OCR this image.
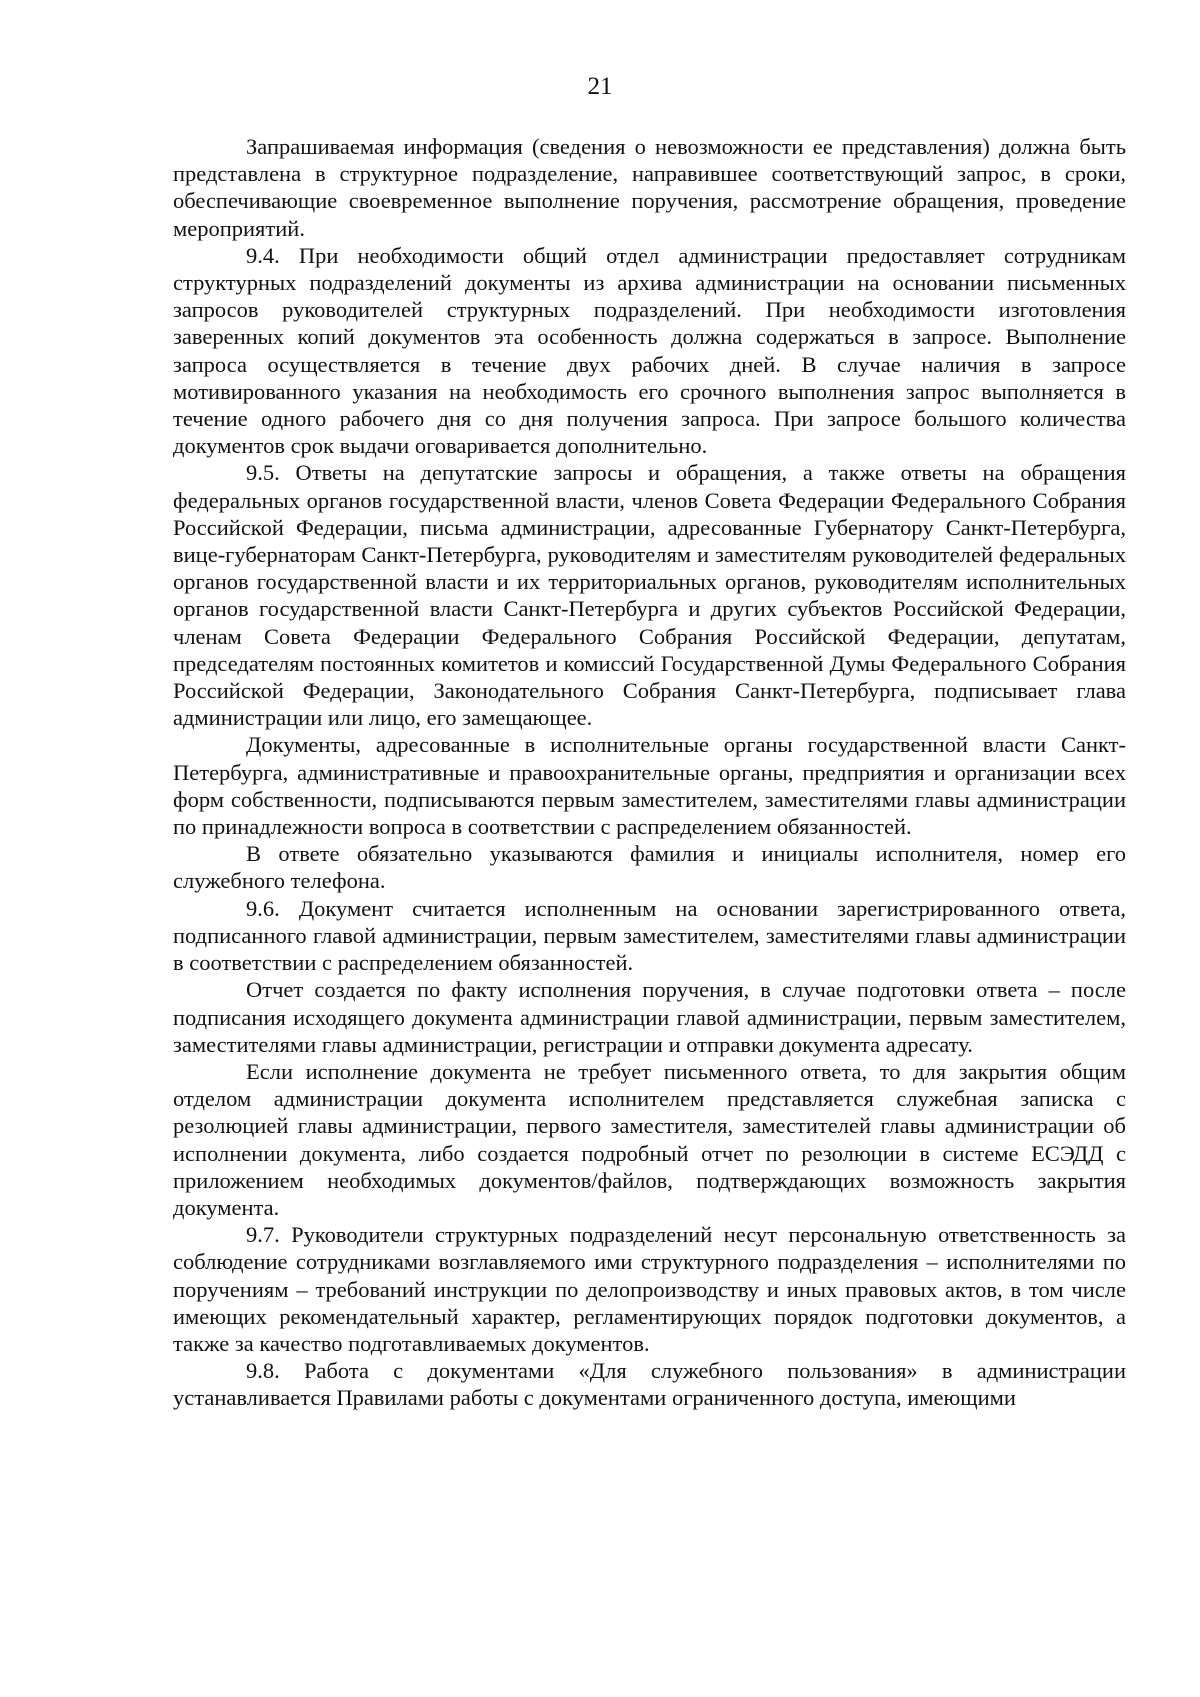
21

Запрашиваемая информация (сведения о невозможности ее представления) должна быть представлена в структурное подразделение, направившее соответствующий запрос, в сроки, обеспечивающие своевременное выполнение поручения, рассмотрение обращения, проведение мероприятий.

9.4. При необходимости общий отдел администрации предоставляет сотрудникам структурных подразделений документы из архива администрации на основании письменных запросов руководителей структурных подразделений. При необходимости изготовления заверенных копий документов эта особенность должна содержаться в запросе. Выполнение запроса осуществляется в течение двух рабочих дней. В случае наличия в запросе мотивированного указания на необходимость его срочного выполнения запрос выполняется в течение одного рабочего дня со дня получения запроса. При запросе большого количества документов срок выдачи оговаривается дополнительно.

9.5. Ответы на депутатские запросы и обращения, а также ответы на обращения федеральных органов государственной власти, членов Совета Федерации Федерального Собрания Российской Федерации, письма администрации, адресованные Губернатору Санкт-Петербурга, вице-губернаторам Санкт-Петербурга, руководителям и заместителям руководителей федеральных органов государственной власти и их территориальных органов, руководителям исполнительных органов государственной власти Санкт-Петербурга и других субъектов Российской Федерации, членам Совета Федерации Федерального Собрания Российской Федерации, депутатам, председателям постоянных комитетов и комиссий Государственной Думы Федерального Собрания Российской Федерации, Законодательного Собрания Санкт-Петербурга, подписывает глава администрации или лицо, его замещающее.

Документы, адресованные в исполнительные органы государственной власти Санкт-Петербурга, административные и правоохранительные органы, предприятия и организации всех форм собственности, подписываются первым заместителем, заместителями главы администрации по принадлежности вопроса в соответствии с распределением обязанностей.

В ответе обязательно указываются фамилия и инициалы исполнителя, номер его служебного телефона.

9.6. Документ считается исполненным на основании зарегистрированного ответа, подписанного главой администрации, первым заместителем, заместителями главы администрации в соответствии с распределением обязанностей.

Отчет создается по факту исполнения поручения, в случае подготовки ответа – после подписания исходящего документа администрации главой администрации, первым заместителем, заместителями главы администрации, регистрации и отправки документа адресату.

Если исполнение документа не требует письменного ответа, то для закрытия общим отделом администрации документа исполнителем представляется служебная записка с резолюцией главы администрации, первого заместителя, заместителей главы администрации об исполнении документа, либо создается подробный отчет по резолюции в системе ЕСЭДД с приложением необходимых документов/файлов, подтверждающих возможность закрытия документа.

9.7. Руководители структурных подразделений несут персональную ответственность за соблюдение сотрудниками возглавляемого ими структурного подразделения – исполнителями по поручениям – требований инструкции по делопроизводству и иных правовых актов, в том числе имеющих рекомендательный характер, регламентирующих порядок подготовки документов, а также за качество подготавливаемых документов.

9.8. Работа с документами «Для служебного пользования» в администрации устанавливается Правилами работы с документами ограниченного доступа, имеющими
